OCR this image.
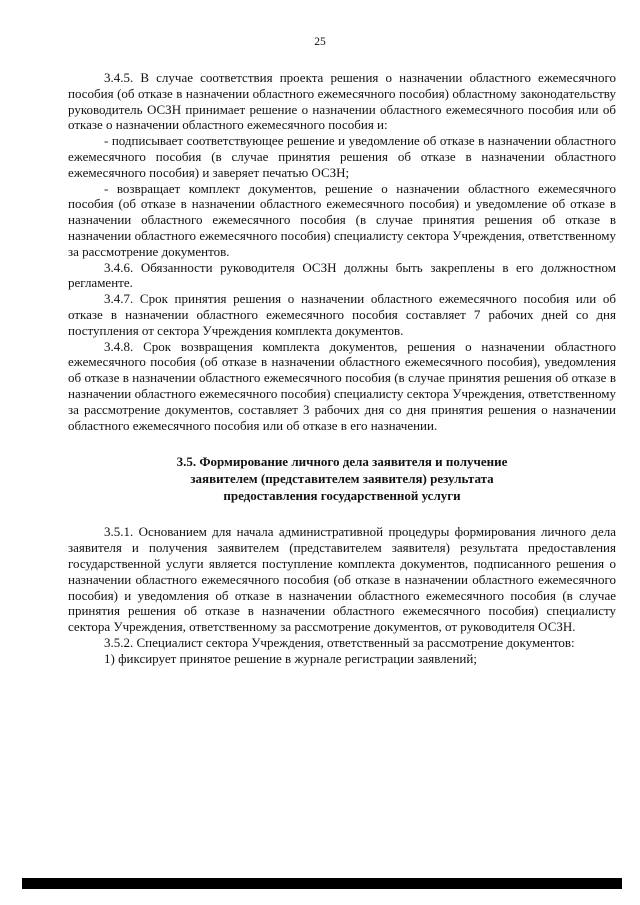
25

3.4.5. В случае соответствия проекта решения о назначении областного ежемесячного пособия (об отказе в назначении областного ежемесячного пособия) областному законодательству руководитель ОСЗН принимает решение о назначении областного ежемесячного пособия или об отказе о назначении областного ежемесячного пособия и:

- подписывает соответствующее решение и уведомление об отказе в назначении областного ежемесячного пособия (в случае принятия решения об отказе в назначении областного ежемесячного пособия) и заверяет печатью ОСЗН;

- возвращает комплект документов, решение о назначении областного ежемесячного пособия (об отказе в назначении областного ежемесячного пособия) и уведомление об отказе в назначении областного ежемесячного пособия (в случае принятия решения об отказе в назначении областного ежемесячного пособия) специалисту сектора Учреждения, ответственному за рассмотрение документов.

3.4.6. Обязанности руководителя ОСЗН должны быть закреплены в его должностном регламенте.

3.4.7. Срок принятия решения о назначении областного ежемесячного пособия или об отказе в назначении областного ежемесячного пособия составляет 7 рабочих дней со дня поступления от сектора Учреждения комплекта документов.

3.4.8. Срок возвращения комплекта документов, решения о назначении областного ежемесячного пособия (об отказе в назначении областного ежемесячного пособия), уведомления об отказе в назначении областного ежемесячного пособия (в случае принятия решения об отказе в назначении областного ежемесячного пособия) специалисту сектора Учреждения, ответственному за рассмотрение документов, составляет 3 рабочих дня со дня принятия решения о назначении областного ежемесячного пособия или об отказе в его назначении.

3.5. Формирование личного дела заявителя и получение
заявителем (представителем заявителя) результата
предоставления государственной услуги

3.5.1. Основанием для начала административной процедуры формирования личного дела заявителя и получения заявителем (представителем заявителя) результата предоставления государственной услуги является поступление комплекта документов, подписанного решения о назначении областного ежемесячного пособия (об отказе в назначении областного ежемесячного пособия) и уведомления об отказе в назначении областного ежемесячного пособия (в случае принятия решения об отказе в назначении областного ежемесячного пособия) специалисту сектора Учреждения, ответственному за рассмотрение документов, от руководителя ОСЗН.

3.5.2. Специалист сектора Учреждения, ответственный за рассмотрение документов:

1) фиксирует принятое решение в журнале регистрации заявлений;
